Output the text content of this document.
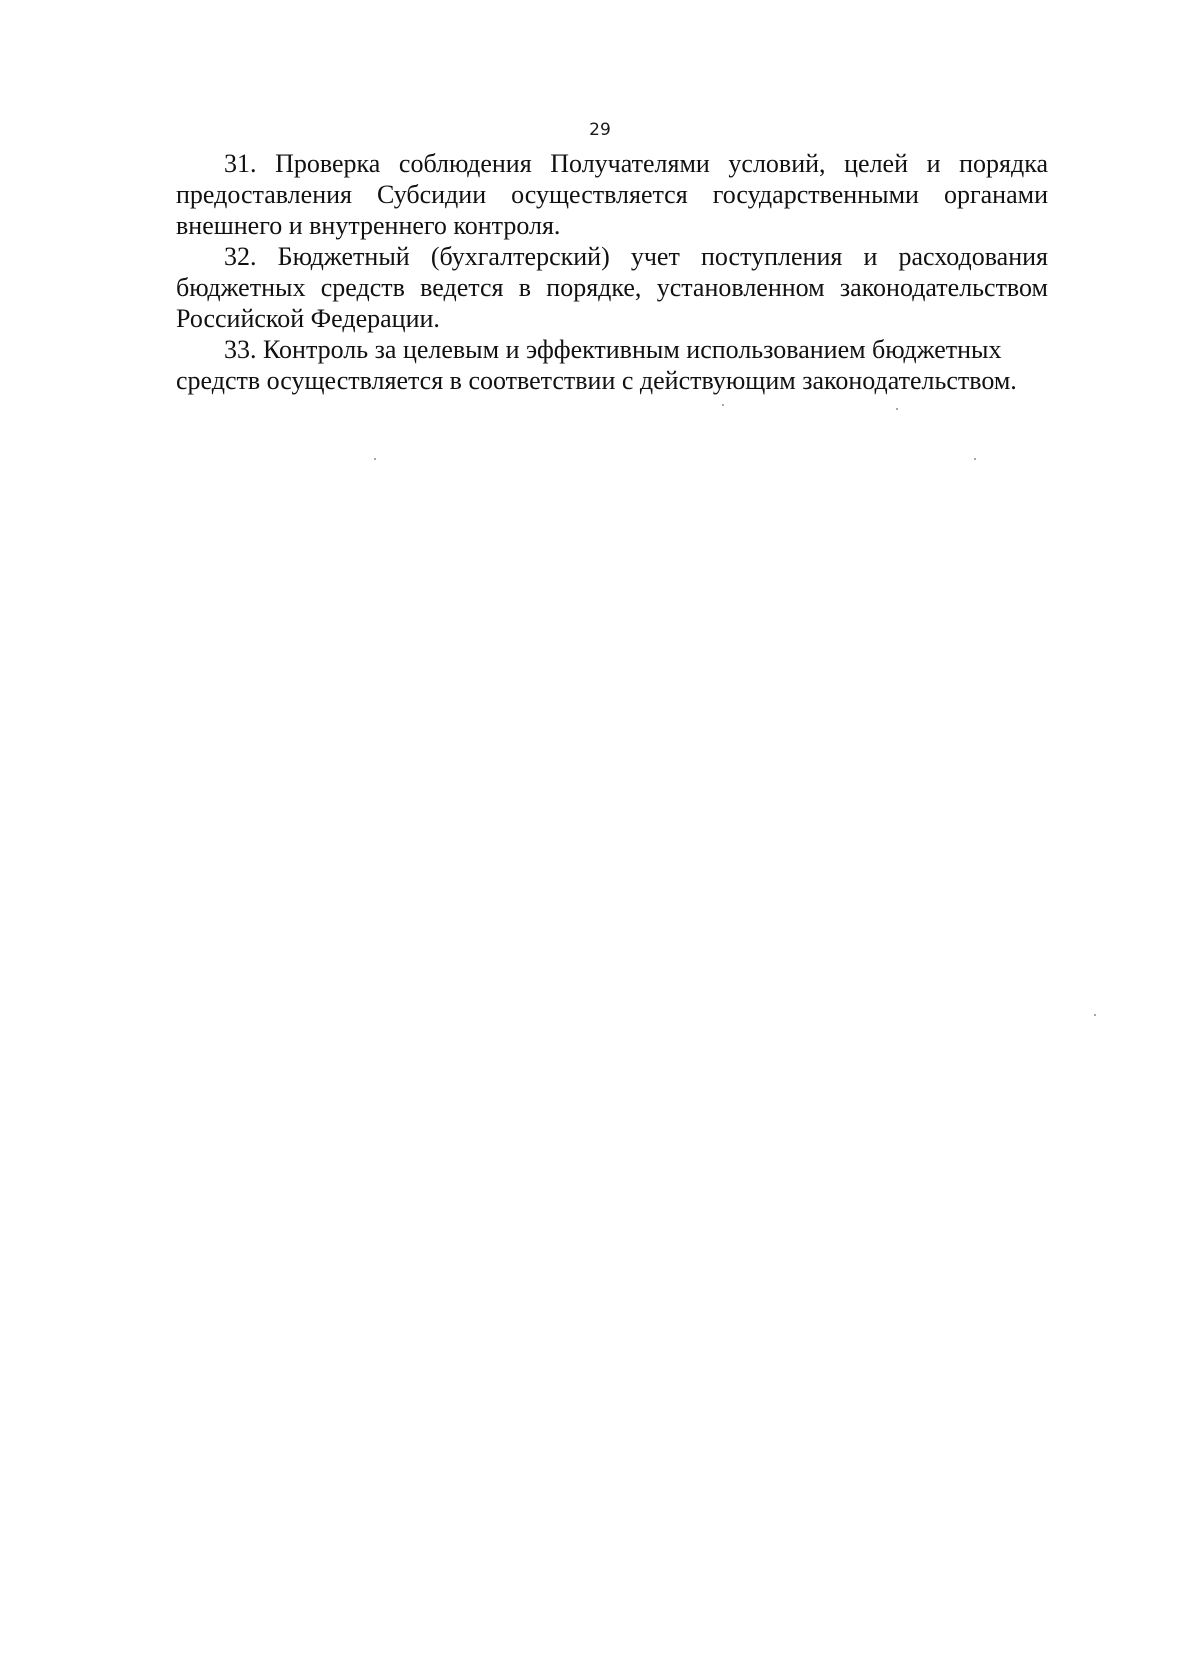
29

31. Проверка соблюдения Получателями условий, целей и порядка предоставления Субсидии осуществляется государственными органами внешнего и внутреннего контроля.

32. Бюджетный (бухгалтерский) учет поступления и расходования бюджетных средств ведется в порядке, установленном законодательством Российской Федерации.

33. Контроль за целевым и эффективным использованием бюджетных средств осуществляется в соответствии с действующим законодательством.
